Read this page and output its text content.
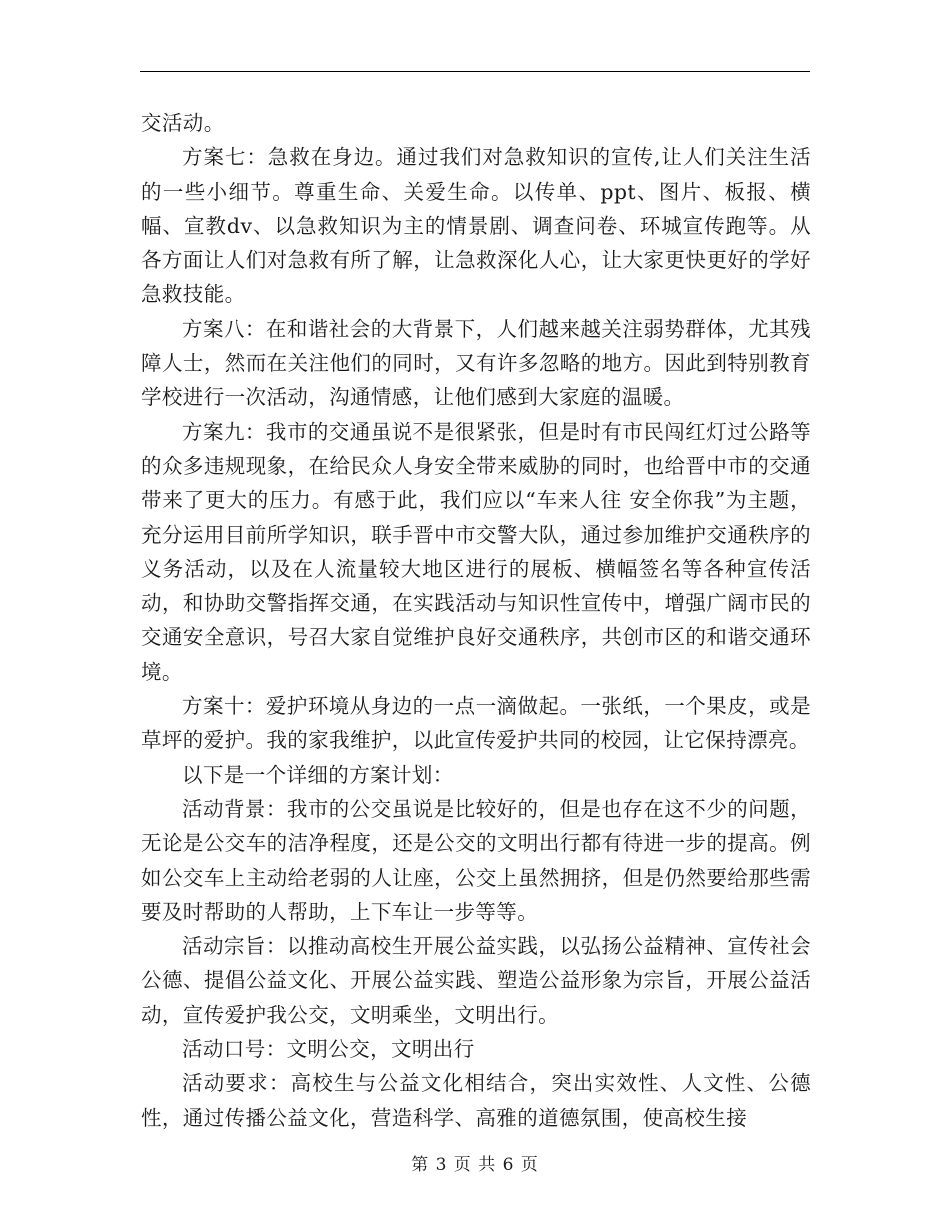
交活动。

方案七：急救在身边。通过我们对急救知识的宣传,让人们关注生活的一些小细节。尊重生命、关爱生命。以传单、ppt、图片、板报、横幅、宣教dv、以急救知识为主的情景剧、调查问卷、环城宣传跑等。从各方面让人们对急救有所了解，让急救深化人心，让大家更快更好的学好急救技能。

方案八：在和谐社会的大背景下，人们越来越关注弱势群体，尤其残障人士，然而在关注他们的同时，又有许多忽略的地方。因此到特别教育学校进行一次活动，沟通情感，让他们感到大家庭的温暖。

方案九：我市的交通虽说不是很紧张，但是时有市民闯红灯过公路等的众多违规现象，在给民众人身安全带来威胁的同时，也给晋中市的交通带来了更大的压力。有感于此，我们应以“车来人往 安全你我”为主题，充分运用目前所学知识，联手晋中市交警大队，通过参加维护交通秩序的义务活动，以及在人流量较大地区进行的展板、横幅签名等各种宣传活动，和协助交警指挥交通，在实践活动与知识性宣传中，增强广阔市民的交通安全意识，号召大家自觉维护良好交通秩序，共创市区的和谐交通环境。

方案十：爱护环境从身边的一点一滴做起。一张纸，一个果皮，或是草坪的爱护。我的家我维护，以此宣传爱护共同的校园，让它保持漂亮。

以下是一个详细的方案计划：

活动背景：我市的公交虽说是比较好的，但是也存在这不少的问题，无论是公交车的洁净程度，还是公交的文明出行都有待进一步的提高。例如公交车上主动给老弱的人让座，公交上虽然拥挤，但是仍然要给那些需要及时帮助的人帮助，上下车让一步等等。

活动宗旨：以推动高校生开展公益实践，以弘扬公益精神、宣传社会公德、提倡公益文化、开展公益实践、塑造公益形象为宗旨，开展公益活动，宣传爱护我公交，文明乘坐，文明出行。

活动口号：文明公交，文明出行

活动要求：高校生与公益文化相结合，突出实效性、人文性、公德性，通过传播公益文化，营造科学、高雅的道德氛围，使高校生接

第 3 页 共 6 页
